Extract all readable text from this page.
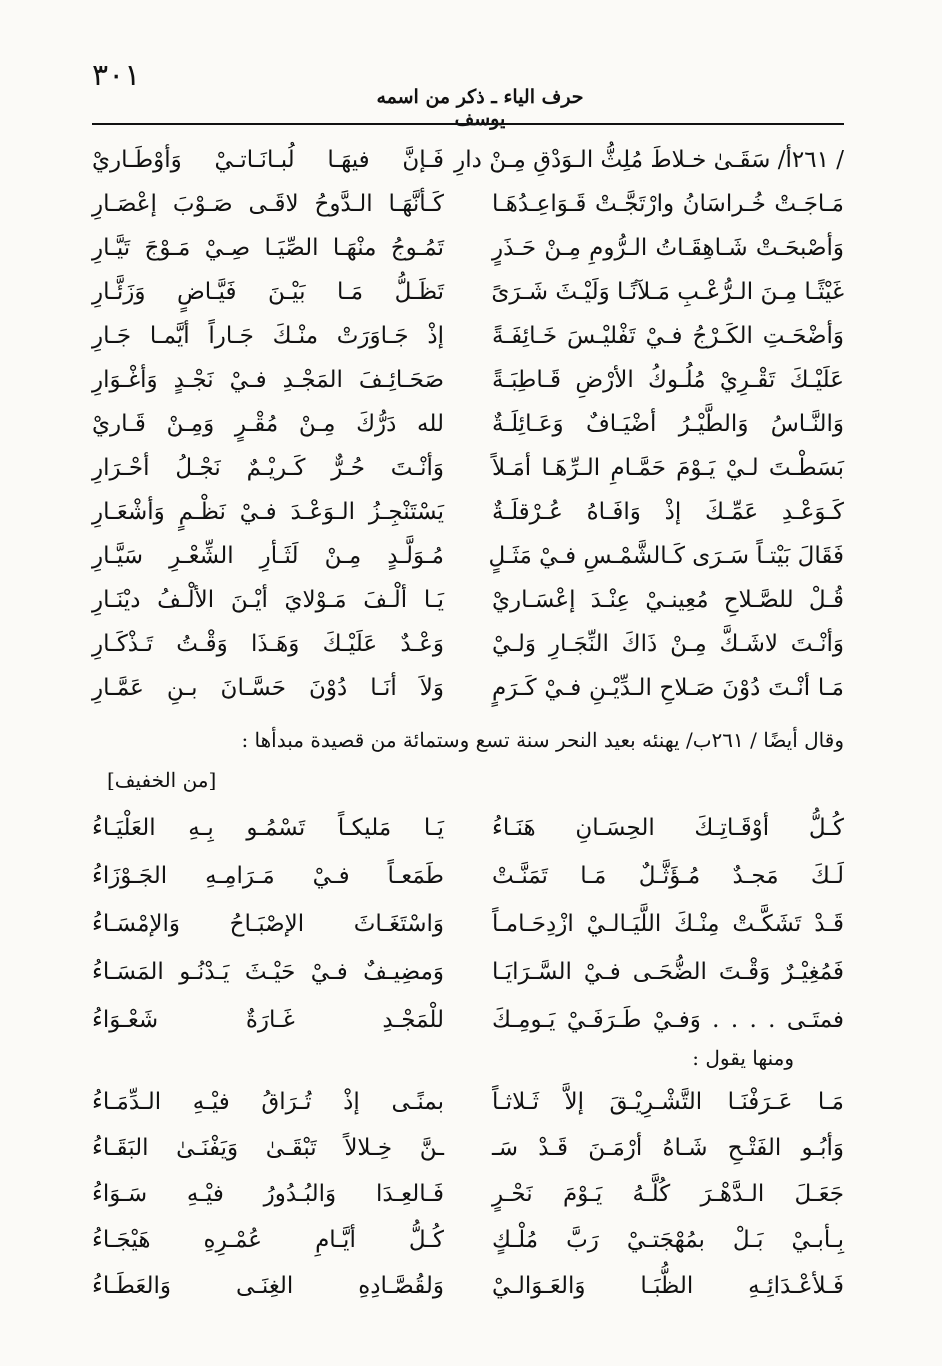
٣٠١
حرف الياء ـ ذكر من اسمه يوسف
/ ٢٦١أ/ سَقَـىٰ خـلاطَ مُلِثُّ الـوَدْقِ مِـنْ دارِ
فَـإنَّ فيهَـا لُبـانَـاتـيْ وَأوْطَـاريْ
مَـاجَـتْ خُـراسَانُ وارْتَجَّـتْ قَـوَاعِـدُهَـا
كَـأنَّهَـا الـدَّوحُ لاقَـى صَـوْبَ إعْصَـارِ
وَأصْبحَـتْ شَـاهِقَـاتُ الـرُّومِ مِـنْ حَـذَرٍ
تَمُـوجُ منْهَـا الصِّيَـا صِـيْ مَـوْجَ تَيَّـارِ
غَيْثًـا مِـنَ الـرُّعْـبِ مَـلآنًـا وَلَيْـثَ شَـرَىً
تَظَـلُّ مَـا بَيْـنَ فَيَّـاضٍ وَزَئَّـارِ
وَأضْحَـتِ الكَـرْجُ فـيْ تَفْليْـسَ خَـائِفَـةً
إذْ جَـاوَرَتْ منْـكَ جَـاراً أيَّمـا جَـارِ
عَلَيْـكَ تَقْـرِيْ مُلُـوكُ الأرْضِ قَـاطِبَـةً
صَحَـائِـفَ المَجْـدِ فـيْ نَجْـدٍ وَأغْـوَارِ
وَالنَّـاسُ وَالطَّيْـرُ أضْيَـافٌ وَعَـائِلَـةٌ
لله دَرُّكَ مِـنْ مُقْـرٍ وَمِـنْ قَـاريْ
بَسَطْـتَ لـيْ يَـوْمَ حَمَّـامِ الـرِّهَـا أمَـلاً
وَأنْـتَ حُـرٌّ كَـريْـمٌ نَجْـلُ أحْـرَارِ
كَـوَعْـدِ عَمِّـكَ إذْ وَافَـاهُ عُـرْقلَـةٌ
يَسْتَنْجِـزُ الـوَعْـدَ فـيْ نَظْـمٍ وَأشْعَـارِ
فَقَالَ بَيْتـاً سَـرَى كَـالشَّمْـسِ فـيْ مَثَـلٍ
مُـوَلَّـدٍ مِـنْ لَثَـأرِ الشِّعْـرِ سَيَّـارِ
قُـلْ للصَّـلاحِ مُعِينـيْ عِنْـدَ إعْسَـاريْ
يَـا ألْـفَ مَـوْلايَ أيْـنَ الألْـفُ ديْنَـارِ
وَأنْـتَ لاشَـكَّ مِـنْ ذَاكَ النِّجَـارِ وَلـيْ
وَعْـدٌ عَلَيْـكَ وَهَـذَا وَقْـتُ تَـذْكَـارِ
مَـا أنْـتَ دُوْنَ صَـلاحِ الـدِّيْـنِ فـيْ كَـرَمٍ
وَلاَ أنَـا دُوْنَ حَسَّـانَ بـنِ عَمَّـارِ
وقال أيضًا / ٢٦١ب/ يهنئه بعيد النحر سنة تسع وستمائة من قصيدة مبدأها :
[من الخفيف]
كُـلُّ أوْقَـاتِـكَ الحِسَـانِ هَنَـاءُ
يَـا مَليكـاً تَسْمُـو بِـهِ العَلْيَـاءُ
لَـكَ مَجـدٌ مُـؤَثَّـلٌ مَـا تَمَنَّـتْ
طَمَعـاً فـيْ مَـرَامِـهِ الجَـوْزَاءُ
قَـدْ تَشَكَّـتْ مِنْـكَ اللَّيَـالـيْ ازْدِحَـامـاً
وَاسْتَغَـاثَ الإصْبَـاحُ وَالإمْسَـاءُ
فَمُغِيْـرٌ وَقْـتَ الضُّحَـى فـيْ السَّـرَايَـا
وَمضِيـفٌ فـيْ حَيْـثَ يَـدْنُـو المَسَـاءُ
فمتَـى . . . . وَفـيْ طَـرَفَـيْ يَـومِـكَ
للْمَجْـدِ غَـارَةٌ شَعْـوَاءُ
ومنها يقول :
مَـا عَـرَفْنَـا التَّشْـرِيْـقَ إلاَّ ثَـلاثـاً
بمنًـى إذْ تُـرَاقُ فيْـهِ الـدِّمَـاءُ
وَأبُـو الفَتْـحِ شَـاهُ أرْمَـنَ قَـدْ سَـ
ـنَّ خِـلالاً تَبْقَـىٰ وَيَفْنَـىٰ البَقَـاءُ
جَعَـلَ الـدَّهْـرَ كُلَّـهُ يَـوْمَ نَحْـرٍ
فَـالعِـدَا وَالبُـدُورُ فيْـهِ سَـوَاءُ
بِـأبـيْ بَـلْ بمُهْجَتـيْ رَبَّ مُلْـكٍ
كُـلُّ أيَّـامِ عُمْـرِهِ هَيْجَـاءُ
فَـلأعْـدَائِـهِ الظُّبَـا وَالعَـوَالـيْ
وَلقُصَّـادِهِ الغِنَـى وَالعَطَـاءُ
